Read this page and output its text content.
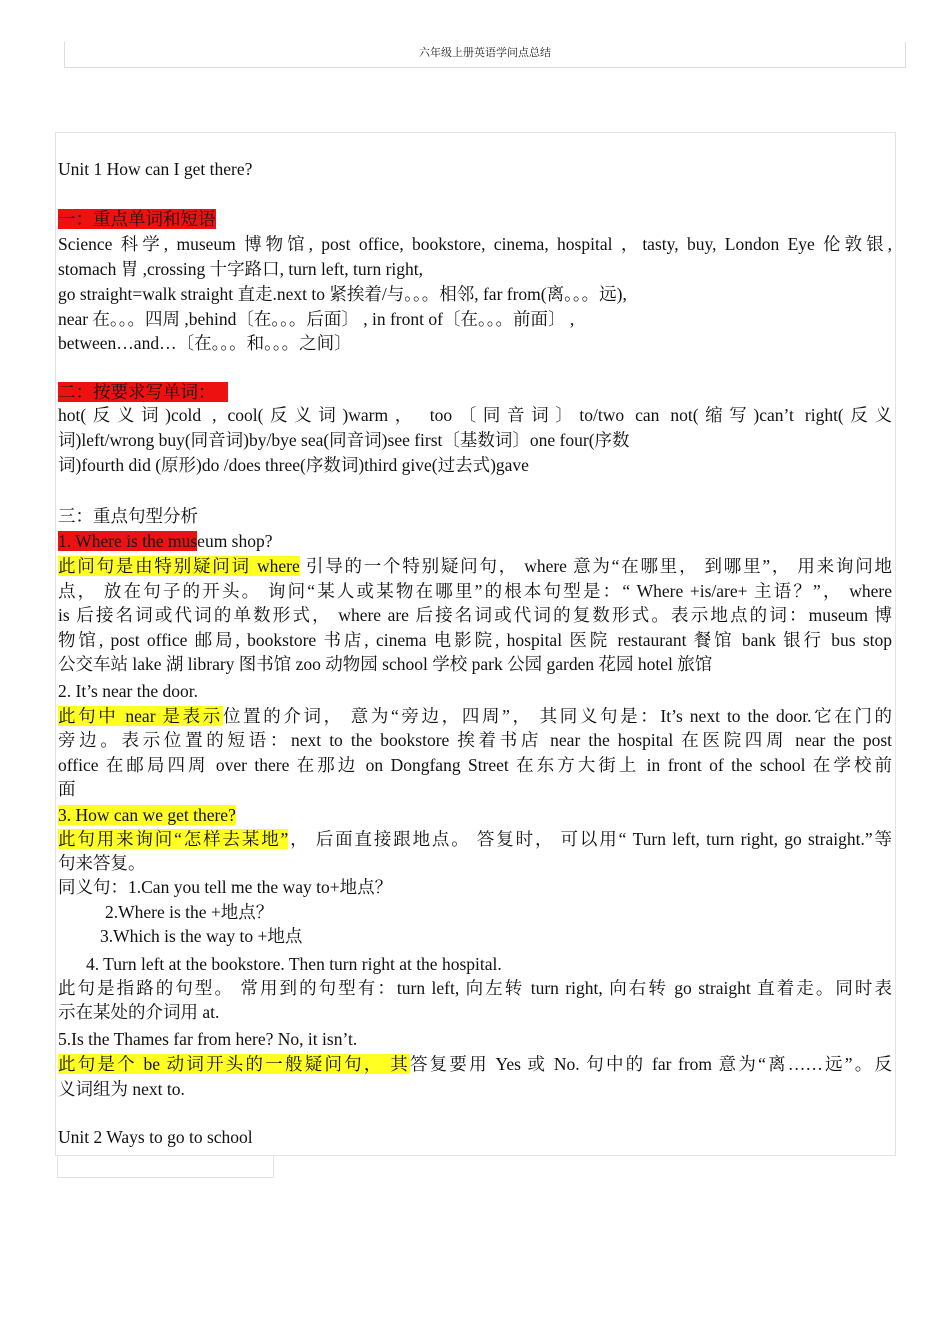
六年级上册英语学问点总结
Unit 1 How can I get there?
一：重点单词和短语
Science 科学, museum 博物馆, post office, bookstore, cinema, hospital ，tasty, buy, London Eye 伦敦银,
stomach 胃 ,crossing 十字路口, turn left, turn right,
go straight=walk straight 直走.next to 紧挨着/与。。。相邻, far from(离。。。远),
near 在。。。四周 ,behind〔在。。。后面〕 , in front of〔在。。。前面〕 ,
between…and…〔在。。。和。。。之间〕
二：按要求写单词：
hot(反义词)cold , cool(反义词)warm， too〔同音词〕to/two can not(缩写)can’t right(反义
词)left/wrong buy(同音词)by/bye sea(同音词)see first〔基数词〕one four(序数
词)fourth did (原形)do /does three(序数词)third give(过去式)gave
三：重点句型分析
1. Where is the museum shop?
此问句是由特别疑问词 where 引导的一个特别疑问句， where 意为“在哪里， 到哪里”， 用来询问地
点， 放在句子的开头。 询问“某人或某物在哪里”的根本句型是：“ Where +is/are+ 主语？”， where
is 后接名词或代词的单数形式， where are 后接名词或代词的复数形式。表示地点的词：museum 博
物馆, post office 邮局, bookstore 书店, cinema 电影院, hospital 医院 restaurant 餐馆 bank 银行 bus stop
公交车站 lake 湖 library 图书馆 zoo 动物园 school 学校 park 公园 garden 花园 hotel 旅馆
2. It’s near the door.
此句中 near 是表示位置的介词， 意为“旁边，四周”， 其同义句是：It’s next to the door.它在门的
旁边。表示位置的短语：next to the bookstore 挨着书店 near the hospital 在医院四周 near the post
office 在邮局四周 over there 在那边 on Dongfang Street 在东方大街上 in front of the school 在学校前
面
3. How can we get there?
此句用来询问“怎样去某地”， 后面直接跟地点。 答复时， 可以用“ Turn left, turn right, go straight.”等
句来答复。
同义句：1.Can you tell me the way to+地点？
2.Where is the +地点？
3.Which is the way to +地点
4. Turn left at the bookstore. Then turn right at the hospital.
此句是指路的句型。 常用到的句型有：turn left, 向左转 turn right, 向右转 go straight 直着走。同时表
示在某处的介词用 at.
5.Is the Thames far from here? No, it isn’t.
此句是个 be 动词开头的一般疑问句， 其答复要用 Yes 或 No. 句中的 far from 意为“离……远”。反
义词组为 next to.
Unit 2 Ways to go to school
